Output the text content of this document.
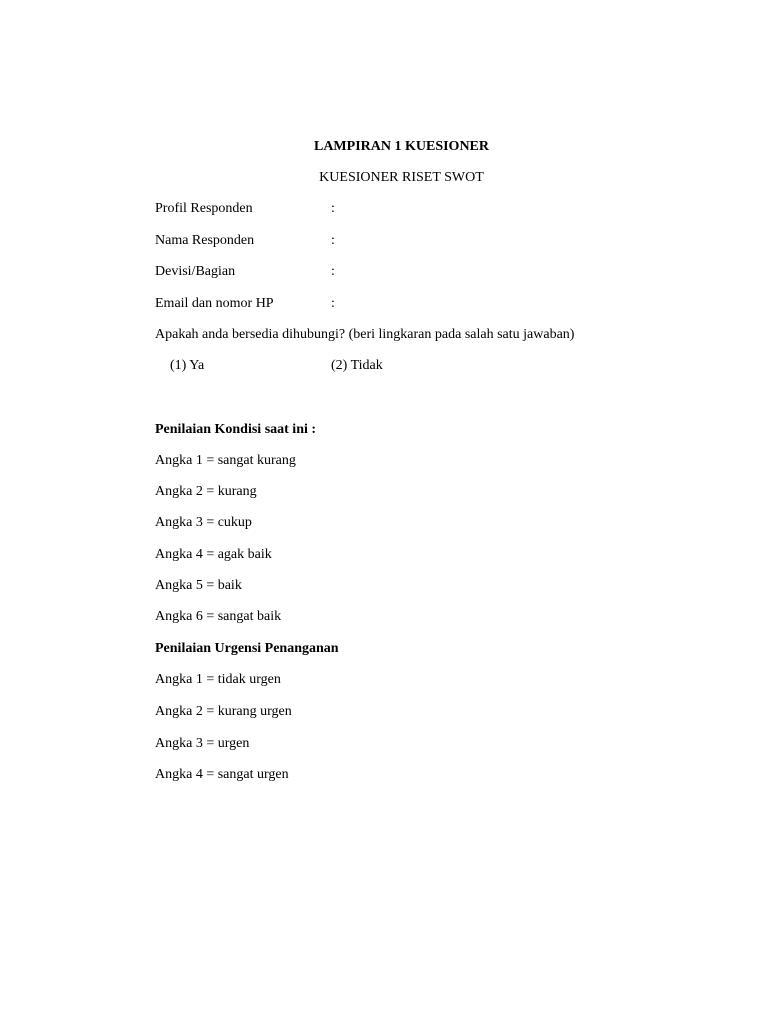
LAMPIRAN 1 KUESIONER
KUESIONER RISET SWOT
Profil Responden	:
Nama Responden	:
Devisi/Bagian	:
Email dan nomor HP	:
Apakah anda bersedia dihubungi? (beri lingkaran pada salah satu jawaban)
(1) Ya	(2) Tidak
Penilaian Kondisi saat ini :
Angka 1 = sangat kurang
Angka 2 = kurang
Angka 3 = cukup
Angka 4 = agak baik
Angka 5 = baik
Angka 6 = sangat baik
Penilaian Urgensi Penanganan
Angka 1 = tidak urgen
Angka 2 = kurang urgen
Angka 3 = urgen
Angka 4 = sangat urgen
